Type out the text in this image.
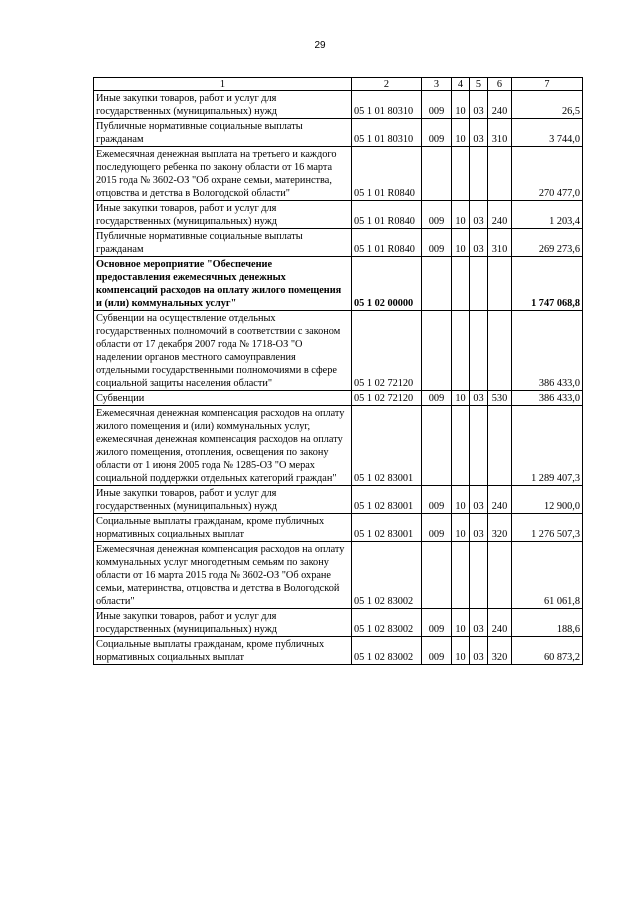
29
1	2	3	4	5	6	7
Иные закупки товаров, работ и услуг для государственных (муниципальных) нужд	05 1 01 80310	009	10	03	240	26,5
Публичные нормативные социальные выплаты гражданам	05 1 01 80310	009	10	03	310	3 744,0
Ежемесячная денежная выплата на третьего и каждого последующего ребенка по закону области от 16 марта 2015 года № 3602-ОЗ "Об охране семьи, материнства, отцовства и детства в Вологодской области"	05 1 01 R0840					270 477,0
Иные закупки товаров, работ и услуг для государственных (муниципальных) нужд	05 1 01 R0840	009	10	03	240	1 203,4
Публичные нормативные социальные выплаты гражданам	05 1 01 R0840	009	10	03	310	269 273,6
Основное мероприятие "Обеспечение предоставления ежемесячных денежных компенсаций расходов на оплату жилого помещения и (или) коммунальных услуг"	05 1 02 00000					1 747 068,8
Субвенции на осуществление отдельных государственных полномочий в соответствии с законом области от 17 декабря 2007 года № 1718-ОЗ "О наделении органов местного самоуправления отдельными государственными полномочиями в сфере социальной защиты населения области"	05 1 02 72120					386 433,0
Субвенции	05 1 02 72120	009	10	03	530	386 433,0
Ежемесячная денежная компенсация расходов на оплату жилого помещения и (или) коммунальных услуг, ежемесячная денежная компенсация расходов на оплату жилого помещения, отопления, освещения по закону области от 1 июня 2005 года № 1285-ОЗ "О мерах социальной поддержки отдельных категорий граждан"	05 1 02 83001					1 289 407,3
Иные закупки товаров, работ и услуг для государственных (муниципальных) нужд	05 1 02 83001	009	10	03	240	12 900,0
Социальные выплаты гражданам, кроме публичных нормативных социальных выплат	05 1 02 83001	009	10	03	320	1 276 507,3
Ежемесячная денежная компенсация расходов на оплату коммунальных услуг многодетным семьям по закону области от 16 марта 2015 года № 3602-ОЗ "Об охране семьи, материнства, отцовства и детства в Вологодской области"	05 1 02 83002					61 061,8
Иные закупки товаров, работ и услуг для государственных (муниципальных) нужд	05 1 02 83002	009	10	03	240	188,6
Социальные выплаты гражданам, кроме публичных нормативных социальных выплат	05 1 02 83002	009	10	03	320	60 873,2
